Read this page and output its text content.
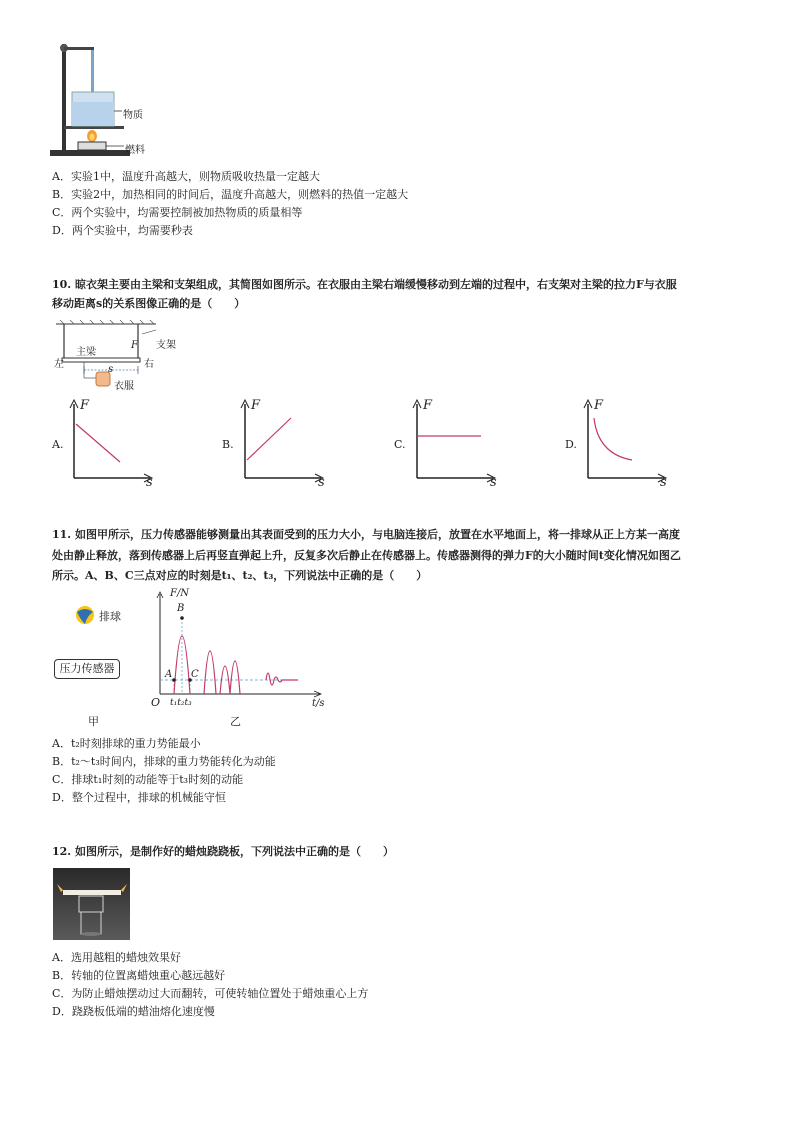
物质
燃料
A．实验1中，温度升高越大，则物质吸收热量一定越大
B．实验2中，加热相同的时间后，温度升高越大，则燃料的热值一定越大
C．两个实验中，均需要控制被加热物质的质量相等
D．两个实验中，均需要秒表
10. 晾衣架主要由主梁和支架组成，其简图如图所示。在衣服由主梁右端缓慢移动到左端的过程中，右支架对主梁的拉力F与衣服
移动距离s的关系图像正确的是（　　）
左
主梁
F 支架
右
s
衣服
A.
F
s
B.
F
s
C.
F
s
D.
F
s
11. 如图甲所示，压力传感器能够测量出其表面受到的压力大小，与电脑连接后，放置在水平地面上，将一排球从正上方某一高度
处由静止释放，落到传感器上后再竖直弹起上升，反复多次后静止在传感器上。传感器测得的弹力F的大小随时间t变化情况如图乙
所示。A、B、C三点对应的时刻是t₁、t₂、t₃，下列说法中正确的是（　　）
排球
压力传感器
甲
F/N
B
A C
O t₁t₂t₃	t/s
乙
A．t₂时刻排球的重力势能最小
B．t₂～t₃时间内，排球的重力势能转化为动能
C．排球t₁时刻的动能等于t₃时刻的动能
D．整个过程中，排球的机械能守恒
12. 如图所示，是制作好的蜡烛跷跷板，下列说法中正确的是（　　）
A．选用越粗的蜡烛效果好
B．转轴的位置离蜡烛重心越远越好
C．为防止蜡烛摆动过大而翻转，可使转轴位置处于蜡烛重心上方
D．跷跷板低端的蜡油熔化速度慢
